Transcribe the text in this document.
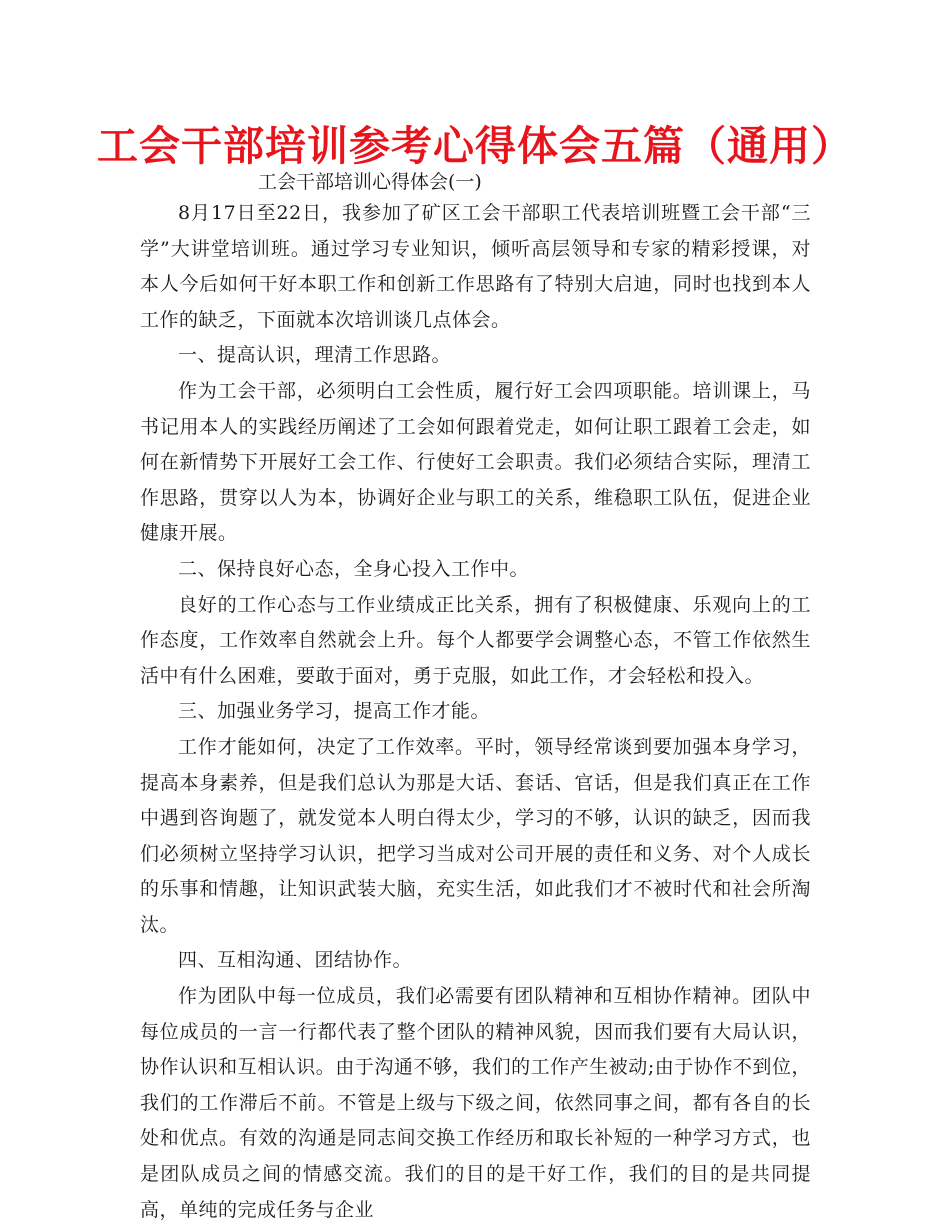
工会干部培训参考心得体会五篇（通用）
工会干部培训心得体会(一)

8月17日至22日，我参加了矿区工会干部职工代表培训班暨工会干部“三学”大讲堂培训班。通过学习专业知识，倾听高层领导和专家的精彩授课，对本人今后如何干好本职工作和创新工作思路有了特别大启迪，同时也找到本人工作的缺乏，下面就本次培训谈几点体会。

一、提高认识，理清工作思路。

作为工会干部，必须明白工会性质，履行好工会四项职能。培训课上，马书记用本人的实践经历阐述了工会如何跟着党走，如何让职工跟着工会走，如何在新情势下开展好工会工作、行使好工会职责。我们必须结合实际，理清工作思路，贯穿以人为本，协调好企业与职工的关系，维稳职工队伍，促进企业健康开展。

二、保持良好心态，全身心投入工作中。

良好的工作心态与工作业绩成正比关系，拥有了积极健康、乐观向上的工作态度，工作效率自然就会上升。每个人都要学会调整心态，不管工作依然生活中有什么困难，要敢于面对，勇于克服，如此工作，才会轻松和投入。

三、加强业务学习，提高工作才能。

工作才能如何，决定了工作效率。平时，领导经常谈到要加强本身学习，提高本身素养，但是我们总认为那是大话、套话、官话，但是我们真正在工作中遇到咨询题了，就发觉本人明白得太少，学习的不够，认识的缺乏，因而我们必须树立坚持学习认识，把学习当成对公司开展的责任和义务、对个人成长的乐事和情趣，让知识武装大脑，充实生活，如此我们才不被时代和社会所淘汰。

四、互相沟通、团结协作。

作为团队中每一位成员，我们必需要有团队精神和互相协作精神。团队中每位成员的一言一行都代表了整个团队的精神风貌，因而我们要有大局认识，协作认识和互相认识。由于沟通不够，我们的工作产生被动;由于协作不到位，我们的工作滞后不前。不管是上级与下级之间，依然同事之间，都有各自的长处和优点。有效的沟通是同志间交换工作经历和取长补短的一种学习方式，也是团队成员之间的情感交流。我们的目的是干好工作，我们的目的是共同提高，单纯的完成任务与企业
